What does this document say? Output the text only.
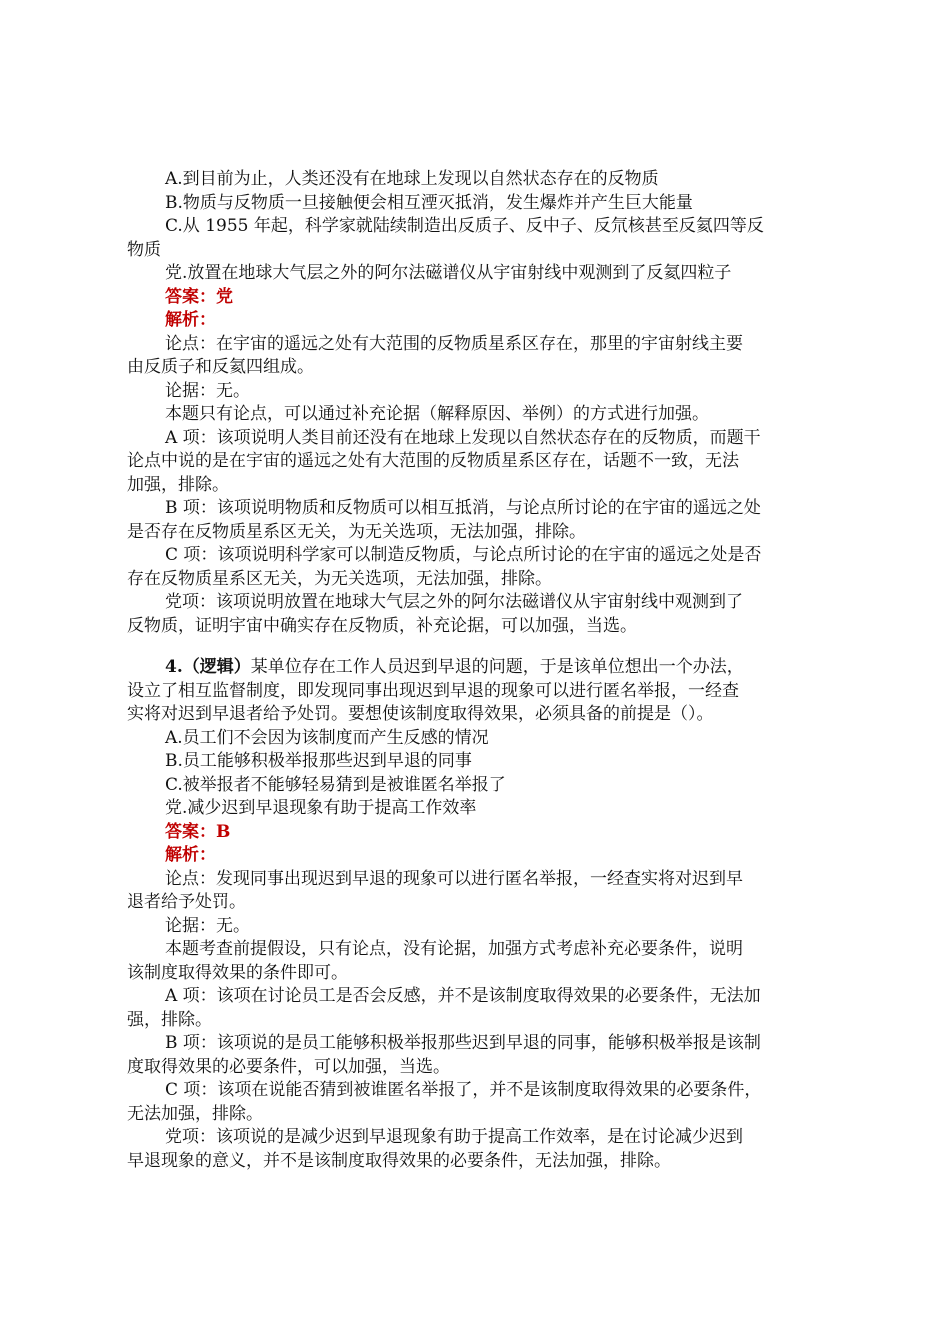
A.到目前为止，人类还没有在地球上发现以自然状态存在的反物质
B.物质与反物质一旦接触便会相互湮灭抵消，发生爆炸并产生巨大能量
C.从 1955 年起，科学家就陆续制造出反质子、反中子、反氘核甚至反氦四等反
物质
党.放置在地球大气层之外的阿尔法磁谱仪从宇宙射线中观测到了反氦四粒子
答案：党
解析：
论点：在宇宙的遥远之处有大范围的反物质星系区存在，那里的宇宙射线主要
由反质子和反氦四组成。
论据：无。
本题只有论点，可以通过补充论据（解释原因、举例）的方式进行加强。
A 项：该项说明人类目前还没有在地球上发现以自然状态存在的反物质，而题干
论点中说的是在宇宙的遥远之处有大范围的反物质星系区存在，话题不一致，无法
加强，排除。
B 项：该项说明物质和反物质可以相互抵消，与论点所讨论的在宇宙的遥远之处
是否存在反物质星系区无关，为无关选项，无法加强，排除。
C 项：该项说明科学家可以制造反物质，与论点所讨论的在宇宙的遥远之处是否
存在反物质星系区无关，为无关选项，无法加强，排除。
党项：该项说明放置在地球大气层之外的阿尔法磁谱仪从宇宙射线中观测到了
反物质，证明宇宙中确实存在反物质，补充论据，可以加强，当选。
4.（逻辑）某单位存在工作人员迟到早退的问题，于是该单位想出一个办法，
设立了相互监督制度，即发现同事出现迟到早退的现象可以进行匿名举报，一经查
实将对迟到早退者给予处罚。要想使该制度取得效果，必须具备的前提是（）。
A.员工们不会因为该制度而产生反感的情况
B.员工能够积极举报那些迟到早退的同事
C.被举报者不能够轻易猜到是被谁匿名举报了
党.减少迟到早退现象有助于提高工作效率
答案：B
解析：
论点：发现同事出现迟到早退的现象可以进行匿名举报，一经查实将对迟到早
退者给予处罚。
论据：无。
本题考查前提假设，只有论点，没有论据，加强方式考虑补充必要条件，说明
该制度取得效果的条件即可。
A 项：该项在讨论员工是否会反感，并不是该制度取得效果的必要条件，无法加
强，排除。
B 项：该项说的是员工能够积极举报那些迟到早退的同事，能够积极举报是该制
度取得效果的必要条件，可以加强，当选。
C 项：该项在说能否猜到被谁匿名举报了，并不是该制度取得效果的必要条件，
无法加强，排除。
党项：该项说的是减少迟到早退现象有助于提高工作效率，是在讨论减少迟到
早退现象的意义，并不是该制度取得效果的必要条件，无法加强，排除。
